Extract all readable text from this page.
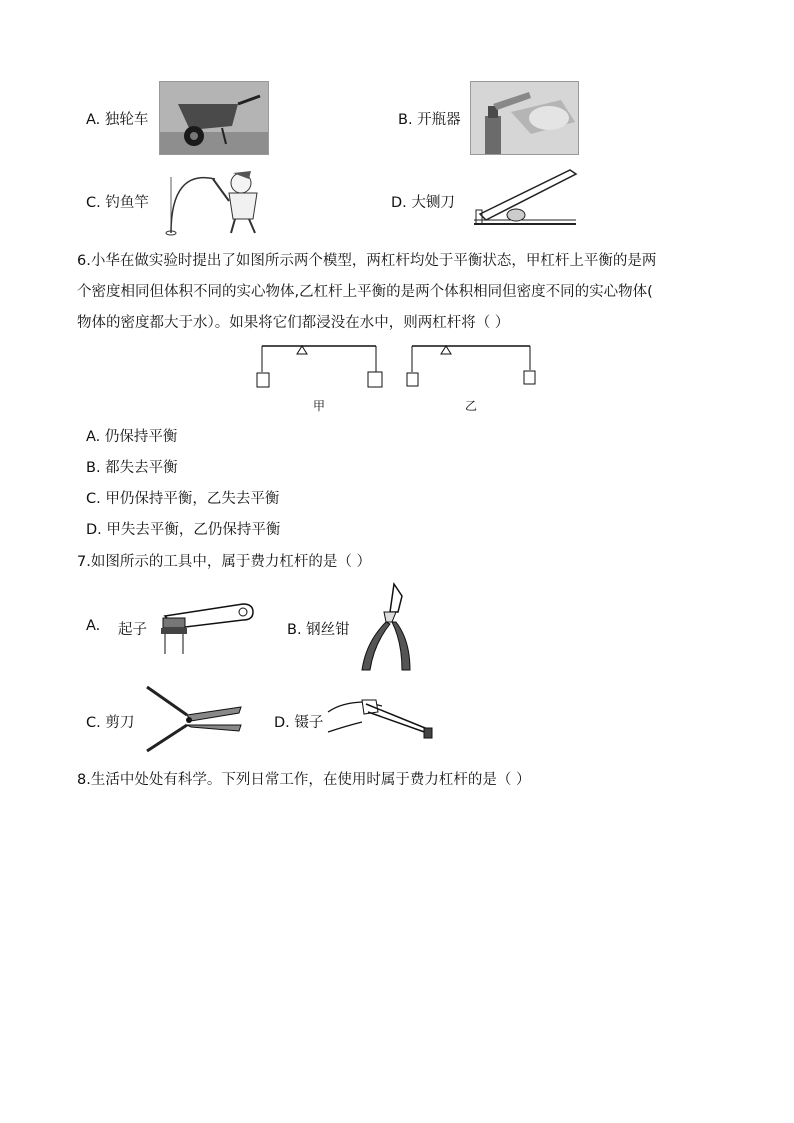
A. 独轮车	B. 开瓶器
C. 钓鱼竿	D. 大铡刀
6.小华在做实验时提出了如图所示两个模型，两杠杆均处于平衡状态，甲杠杆上平衡的是两
个密度相同但体积不同的实心物体,乙杠杆上平衡的是两个体积相同但密度不同的实心物体(
物体的密度都大于水）。如果将它们都浸没在水中，则两杠杆将（ ）
甲	乙
A. 仍保持平衡
B. 都失去平衡
C. 甲仍保持平衡，乙失去平衡
D. 甲失去平衡，乙仍保持平衡
7.如图所示的工具中，属于费力杠杆的是（ ）
A. 起子	B. 钢丝钳
C. 剪刀	D. 镊子
8.生活中处处有科学。下列日常工作，在使用时属于费力杠杆的是（ ）
